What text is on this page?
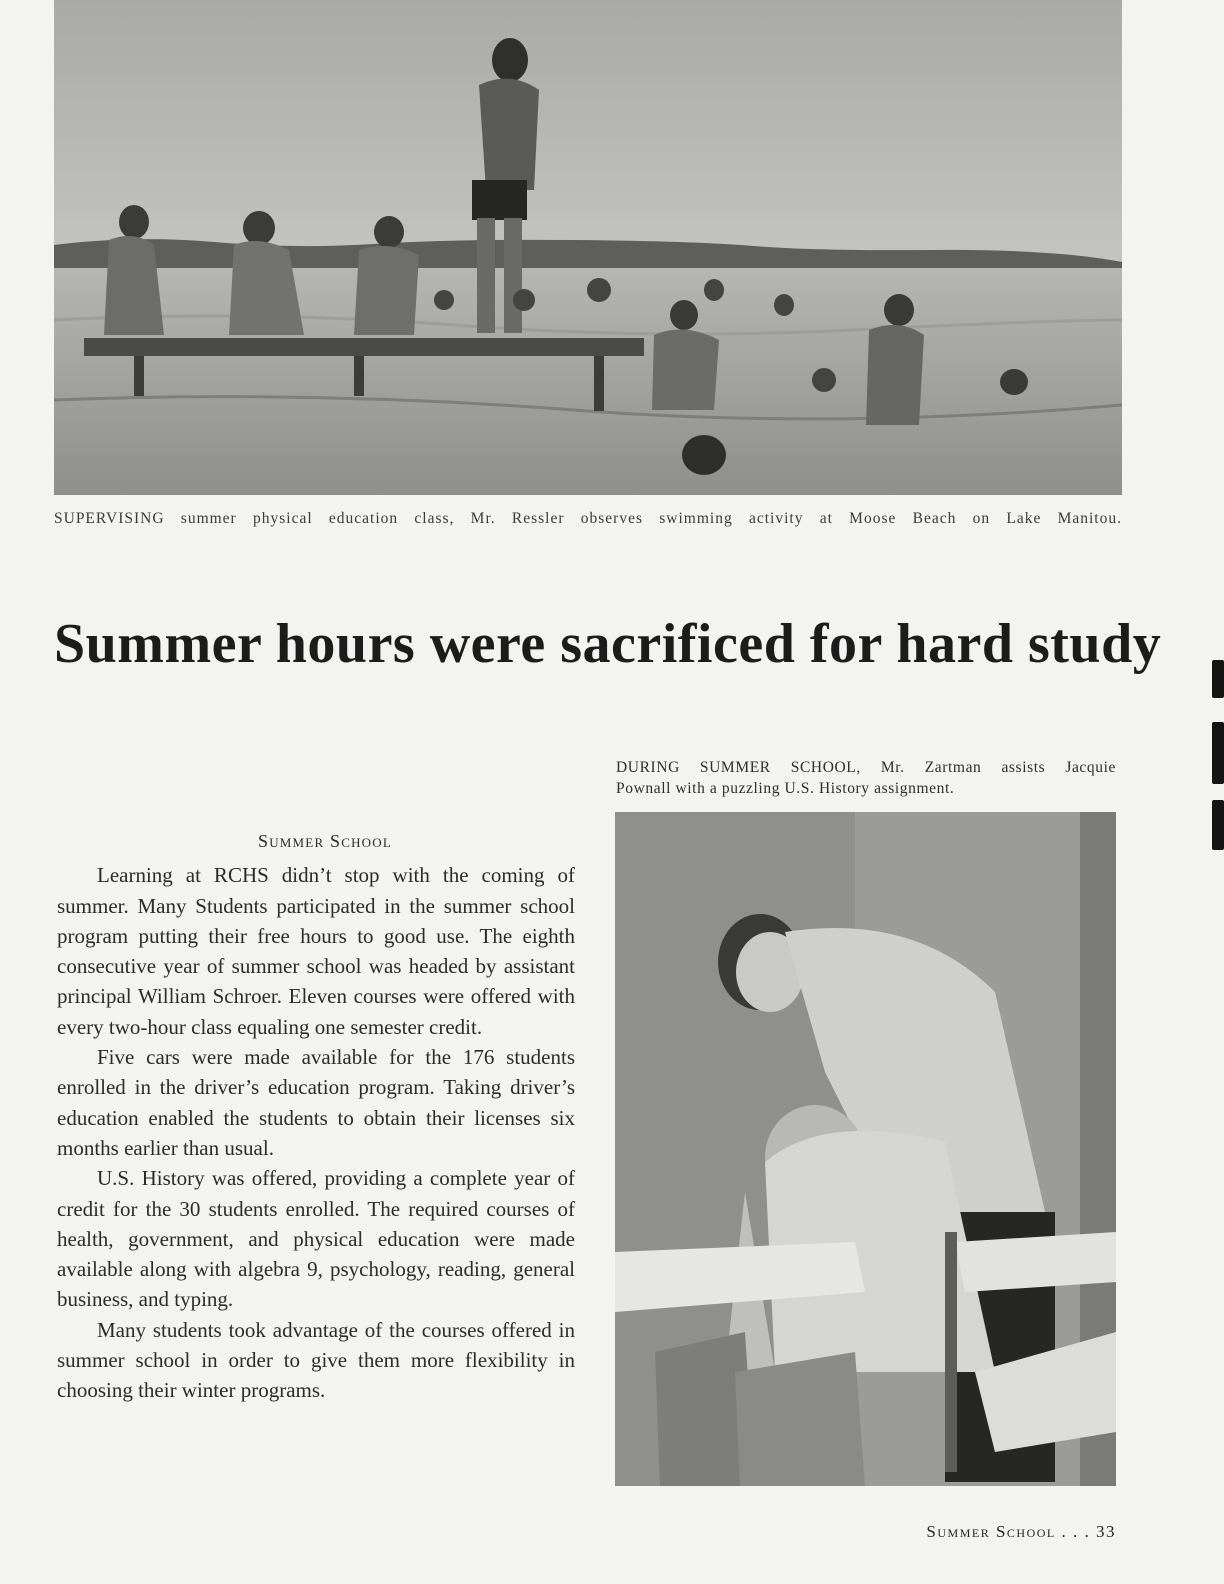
SUPERVISING summer physical education class, Mr. Ressler observes swimming activity at Moose Beach on Lake Manitou.
Summer hours were sacrificed for hard study
DURING SUMMER SCHOOL, Mr. Zartman assists Jacquie
Pownall with a puzzling U.S. History assignment.
Summer School

Learning at RCHS didn’t stop with the coming of summer. Many Students participated in the summer school program putting their free hours to good use. The eighth consecutive year of summer school was headed by assistant principal William Schroer. Eleven courses were offered with every two-hour class equaling one semester credit.

Five cars were made available for the 176 students enrolled in the driver’s education program. Taking driver’s education enabled the students to obtain their licenses six months earlier than usual.

U.S. History was offered, providing a complete year of credit for the 30 students enrolled. The required courses of health, government, and physical education were made available along with algebra 9, psychology, reading, general business, and typing.

Many students took advantage of the courses offered in summer school in order to give them more flexibility in choosing their winter programs.

Summer School . . . 33
